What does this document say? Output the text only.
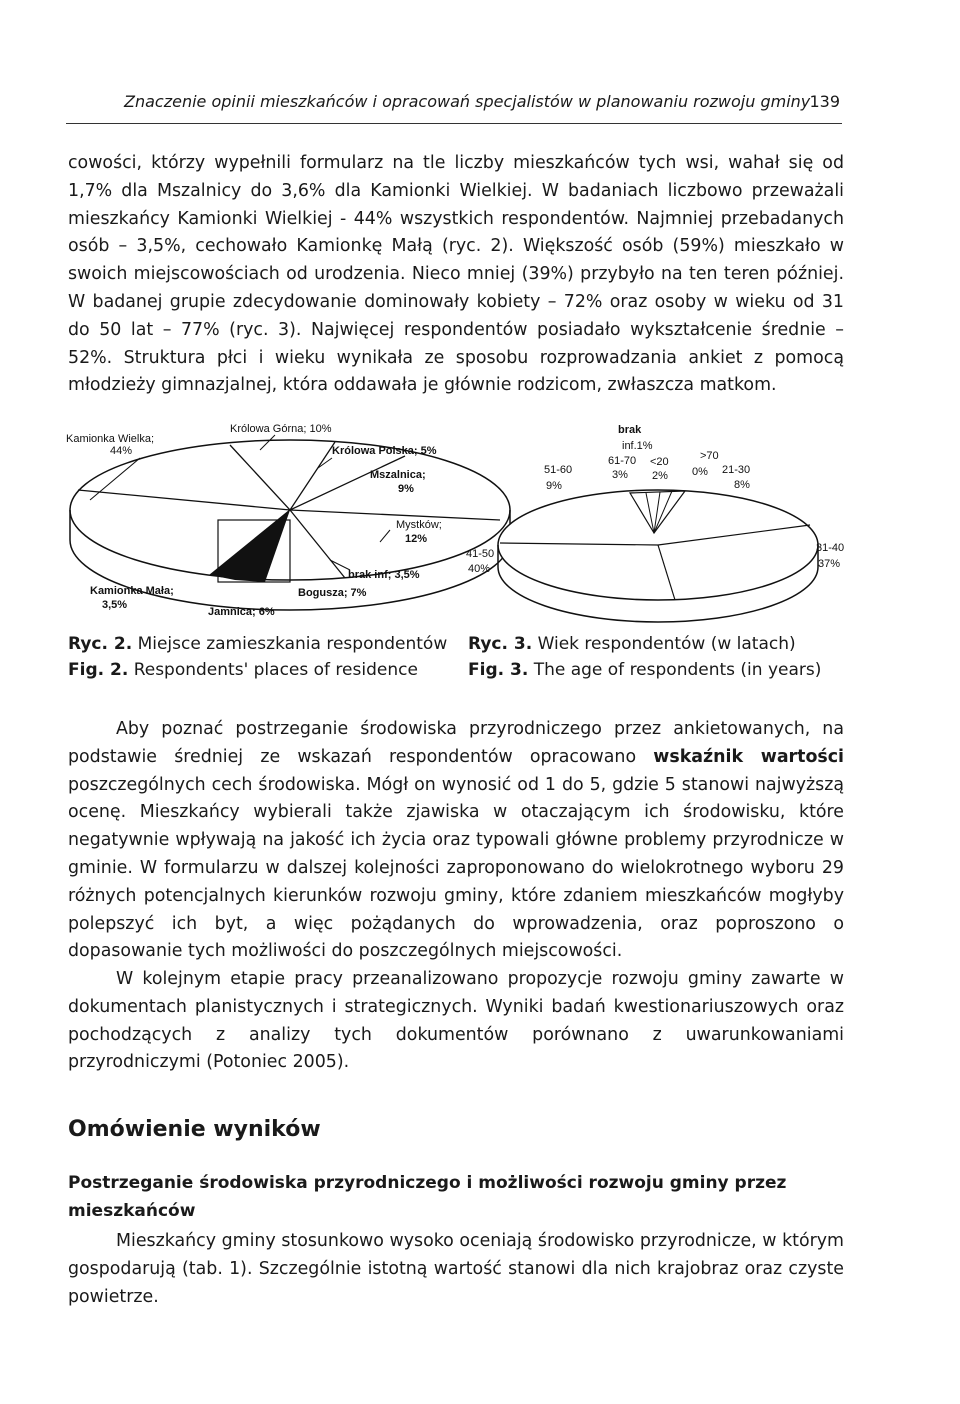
Znaczenie opinii mieszkańców i opracowań specjalistów w planowaniu rozwoju gminy 139

cowości, którzy wypełnili formularz na tle liczby mieszkańców tych wsi, wahał się od 1,7% dla Mszalnicy do 3,6% dla Kamionki Wielkiej. W badaniach liczbowo przeważali mieszkańcy Kamionki Wielkiej - 44% wszystkich respondentów. Najmniej przebadanych osób – 3,5%, cechowało Kamionkę Małą (ryc. 2). Większość osób (59%) mieszkało w swoich miejscowościach od urodzenia. Nieco mniej (39%) przybyło na ten teren później. W badanej grupie zdecydowanie dominowały kobiety – 72% oraz osoby w wieku od 31 do 50 lat – 77% (ryc. 3). Najwięcej respondentów posiadało wykształcenie średnie – 52%. Struktura płci i wieku wynikała ze sposobu rozprowadzania ankiet z pomocą młodzieży gimnazjalnej, która oddawała je głównie rodzicom, zwłaszcza matkom.

Kamionka Wielka;
44%
Królowa Górna; 10%
Królowa Polska; 5%
Mszalnica;
9%
Mystków;
12%
brak inf; 3,5%
Bogusza; 7%
Kamionka Mała;
3,5%
Jamnica; 6%
brak
inf.1%
61-70
3%
51-60
9%
<20
2%
>70
0% 21-30
8%
31-40
37%
41-50
40%
Ryc. 2. Miejsce zamieszkania respondentów
Fig. 2. Respondents' places of residence
Ryc. 3. Wiek respondentów (w latach)
Fig. 3. The age of respondents (in years)

Aby poznać postrzeganie środowiska przyrodniczego przez ankietowanych, na podstawie średniej ze wskazań respondentów opracowano wskaźnik wartości poszczególnych cech środowiska. Mógł on wynosić od 1 do 5, gdzie 5 stanowi najwyższą ocenę. Mieszkańcy wybierali także zjawiska w otaczającym ich środowisku, które negatywnie wpływają na jakość ich życia oraz typowali główne problemy przyrodnicze w gminie. W formularzu w dalszej kolejności zaproponowano do wielokrotnego wyboru 29 różnych potencjalnych kierunków rozwoju gminy, które zdaniem mieszkańców mogłyby polepszyć ich byt, a więc pożądanych do wprowadzenia, oraz poproszono o dopasowanie tych możliwości do poszczególnych miejscowości.

W kolejnym etapie pracy przeanalizowano propozycje rozwoju gminy zawarte w dokumentach planistycznych i strategicznych. Wyniki badań kwestionariuszowych oraz pochodzących z analizy tych dokumentów porównano z uwarunkowaniami przyrodniczymi (Potoniec 2005).

Omówienie wyników
Postrzeganie środowiska przyrodniczego i możliwości rozwoju gminy przez mieszkańców

Mieszkańcy gminy stosunkowo wysoko oceniają środowisko przyrodnicze, w którym gospodarują (tab. 1). Szczególnie istotną wartość stanowi dla nich krajobraz oraz czyste powietrze.
